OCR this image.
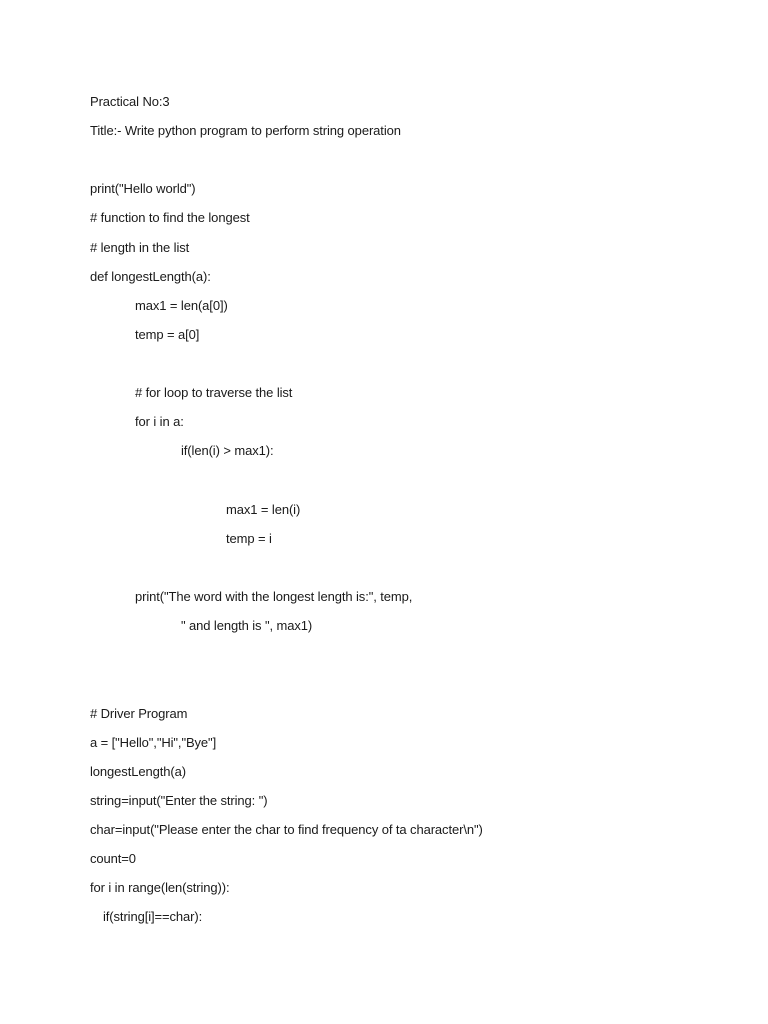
Practical No:3
Title:- Write python program to perform string operation
print("Hello world")
# function to find the longest
# length in the list
def longestLength(a):
max1 = len(a[0])
temp = a[0]
# for loop to traverse the list
for i in a:
if(len(i) > max1):
max1 = len(i)
temp = i
print("The word with the longest length is:", temp,
" and length is ", max1)
# Driver Program
a = ["Hello","Hi","Bye"]
longestLength(a)
string=input("Enter the string: ")
char=input("Please enter the char to find frequency of ta character\n")
count=0
for i in range(len(string)):
if(string[i]==char):
